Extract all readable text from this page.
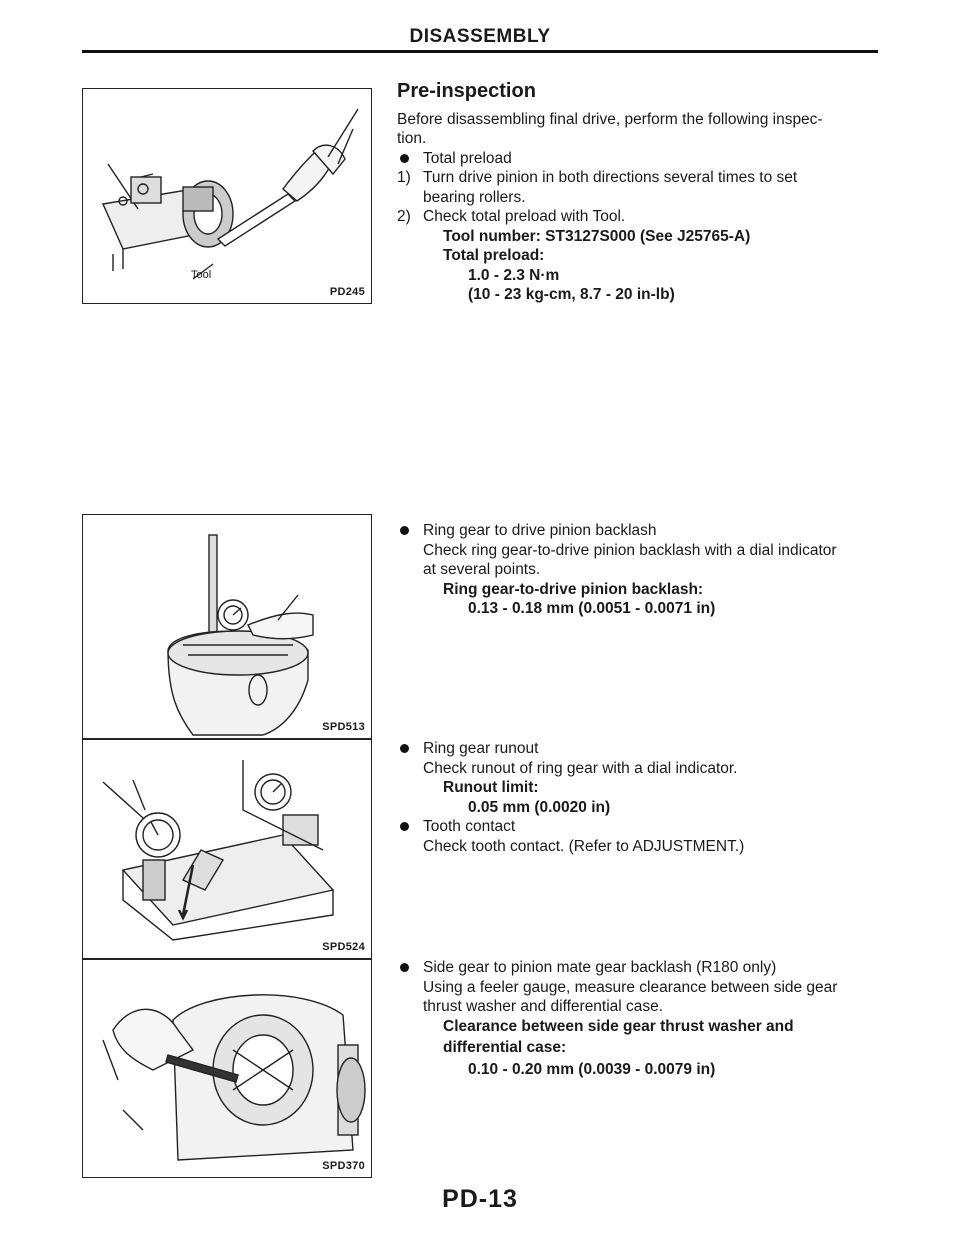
DISASSEMBLY
Tool
PD245
SPD513
SPD524
SPD370
Pre-inspection
Before disassembling final drive, perform the following inspec-
tion.
Total preload
1) Turn drive pinion in both directions several times to set
bearing rollers.
2) Check total preload with Tool.
Tool number: ST3127S000 (See J25765-A)
Total preload:
1.0 - 2.3 N·m
(10 - 23 kg-cm, 8.7 - 20 in-lb)
Ring gear to drive pinion backlash
Check ring gear-to-drive pinion backlash with a dial indicator
at several points.
Ring gear-to-drive pinion backlash:
0.13 - 0.18 mm (0.0051 - 0.0071 in)
Ring gear runout
Check runout of ring gear with a dial indicator.
Runout limit:
0.05 mm (0.0020 in)
Tooth contact
Check tooth contact. (Refer to ADJUSTMENT.)
Side gear to pinion mate gear backlash (R180 only)
Using a feeler gauge, measure clearance between side gear
thrust washer and differential case.
Clearance between side gear thrust washer and
differential case:
0.10 - 0.20 mm (0.0039 - 0.0079 in)
PD-13
